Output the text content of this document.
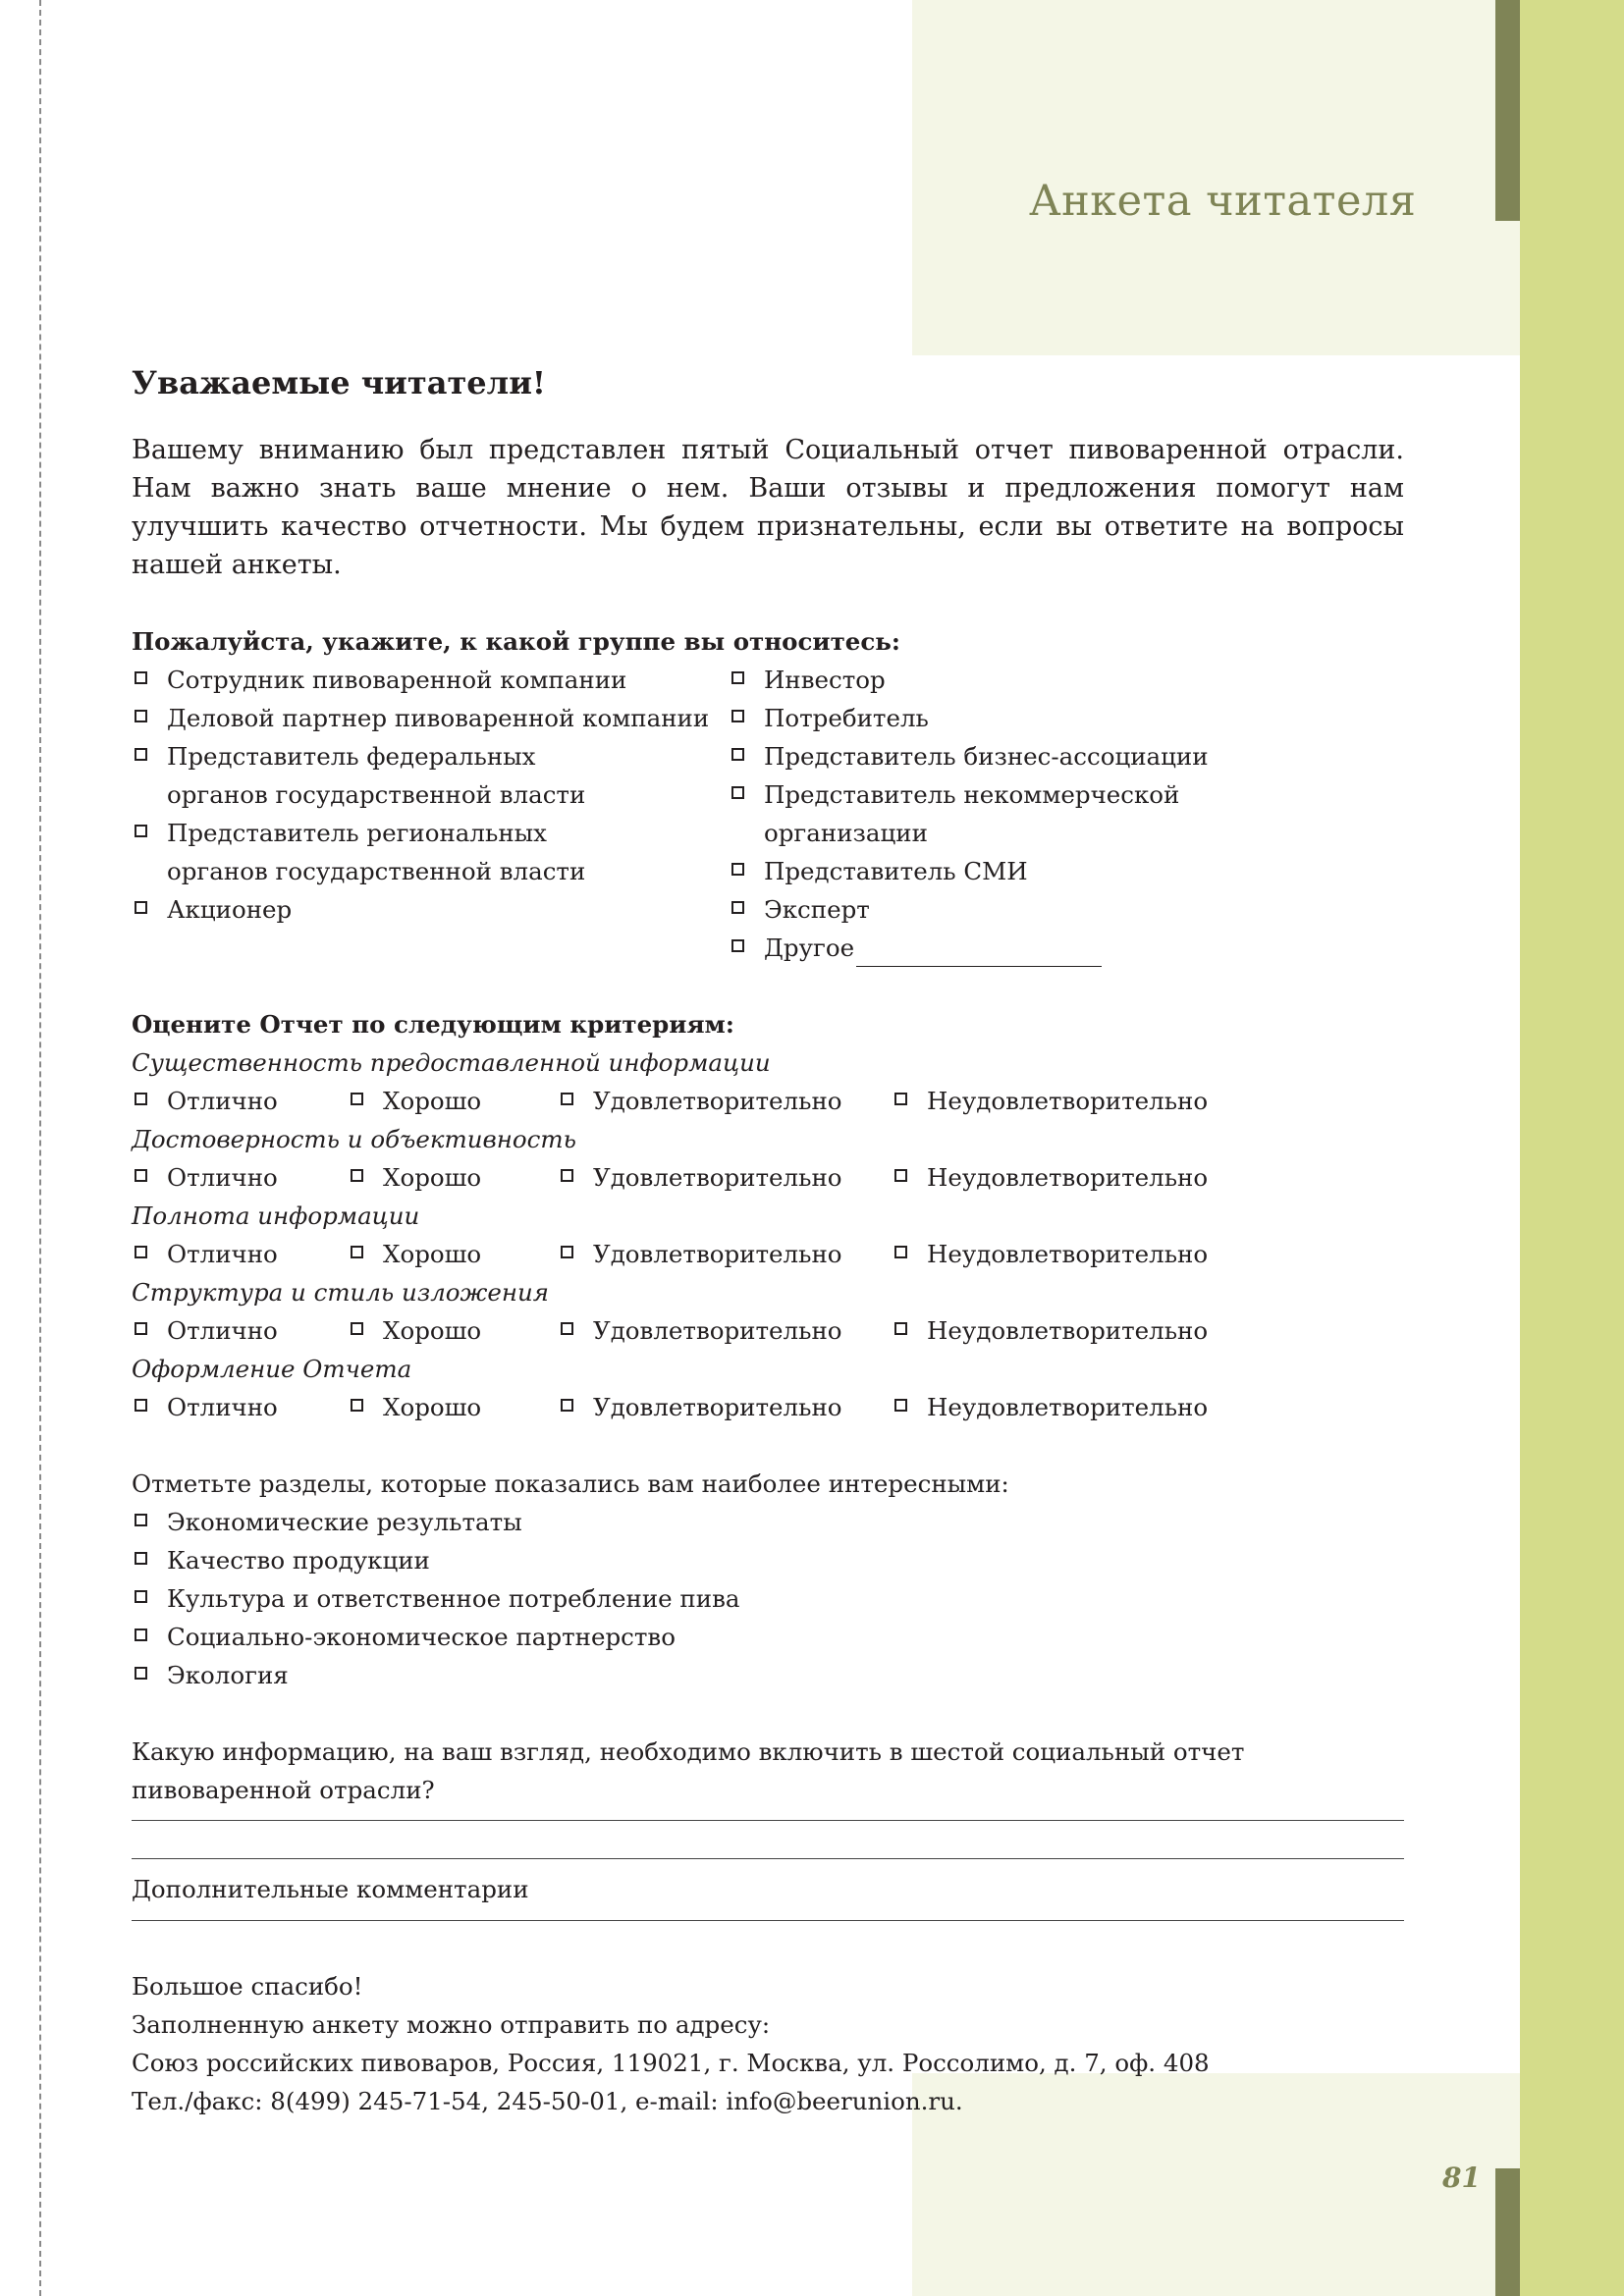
Анкета читателя
81
Уважаемые читатели!

Вашему вниманию был представлен пятый Социальный отчет пивоваренной отрасли. Нам важно знать ваше мнение о нем. Ваши отзывы и предложения помогут нам улучшить качество отчетности. Мы будем признательны, если вы ответите на вопросы нашей анкеты.

Пожалуйста, укажите, к какой группе вы относитесь:

Сотрудник пивоваренной компании
Деловой партнер пивоваренной компании
Представитель федеральных органов государственной власти
Представитель региональных органов государственной власти
Акционер
Инвестор
Потребитель
Представитель бизнес-ассоциации
Представитель некоммерческой организации
Представитель СМИ
Эксперт
Другое

Оцените Отчет по следующим критериям:

Существенность предоставленной информации

Отлично	Хорошо	Удовлетворительно	Неудовлетворительно

Достоверность и объективность

Отлично	Хорошо	Удовлетворительно	Неудовлетворительно

Полнота информации

Отлично	Хорошо	Удовлетворительно	Неудовлетворительно

Структура и стиль изложения

Отлично	Хорошо	Удовлетворительно	Неудовлетворительно

Оформление Отчета

Отлично	Хорошо	Удовлетворительно	Неудовлетворительно

Отметьте разделы, которые показались вам наиболее интересными:

Экономические результаты
Качество продукции
Культура и ответственное потребление пива
Социально-экономическое партнерство
Экология

Какую информацию, на ваш взгляд, необходимо включить в шестой социальный отчет пивоваренной отрасли?

Дополнительные комментарии

Большое спасибо!

Заполненную анкету можно отправить по адресу:

Союз российских пивоваров, Россия, 119021, г. Москва, ул. Россолимо, д. 7, оф. 408

Тел./факс: 8(499) 245-71-54, 245-50-01, e-mail: info@beerunion.ru.
